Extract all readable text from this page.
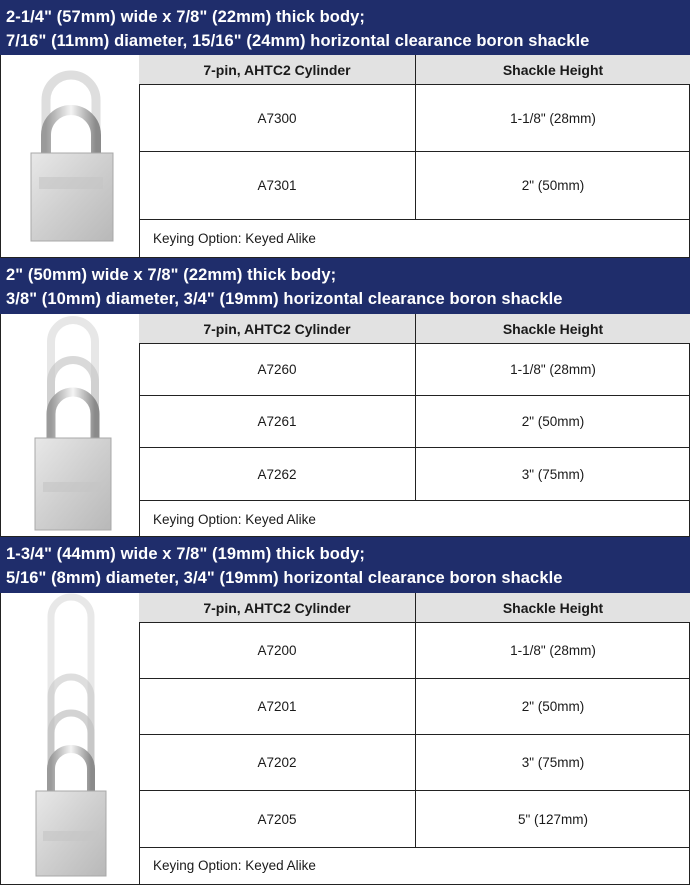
2-1/4" (57mm) wide x 7/8" (22mm) thick body;
7/16" (11mm) diameter, 15/16" (24mm) horizontal clearance boron shackle
7-pin, AHTC2 Cylinder	Shackle Height
A7300	1-1/8" (28mm)
A7301	2" (50mm)
Keying Option: Keyed Alike	
2" (50mm) wide x 7/8" (22mm) thick body;
3/8" (10mm) diameter, 3/4" (19mm) horizontal clearance boron shackle
7-pin, AHTC2 Cylinder	Shackle Height
A7260	1-1/8" (28mm)
A7261	2" (50mm)
A7262	3" (75mm)
Keying Option: Keyed Alike	
1-3/4" (44mm) wide x 7/8" (19mm) thick body;
5/16" (8mm) diameter, 3/4" (19mm) horizontal clearance boron shackle
7-pin, AHTC2 Cylinder	Shackle Height
A7200	1-1/8" (28mm)
A7201	2" (50mm)
A7202	3" (75mm)
A7205	5" (127mm)
Keying Option: Keyed Alike	
